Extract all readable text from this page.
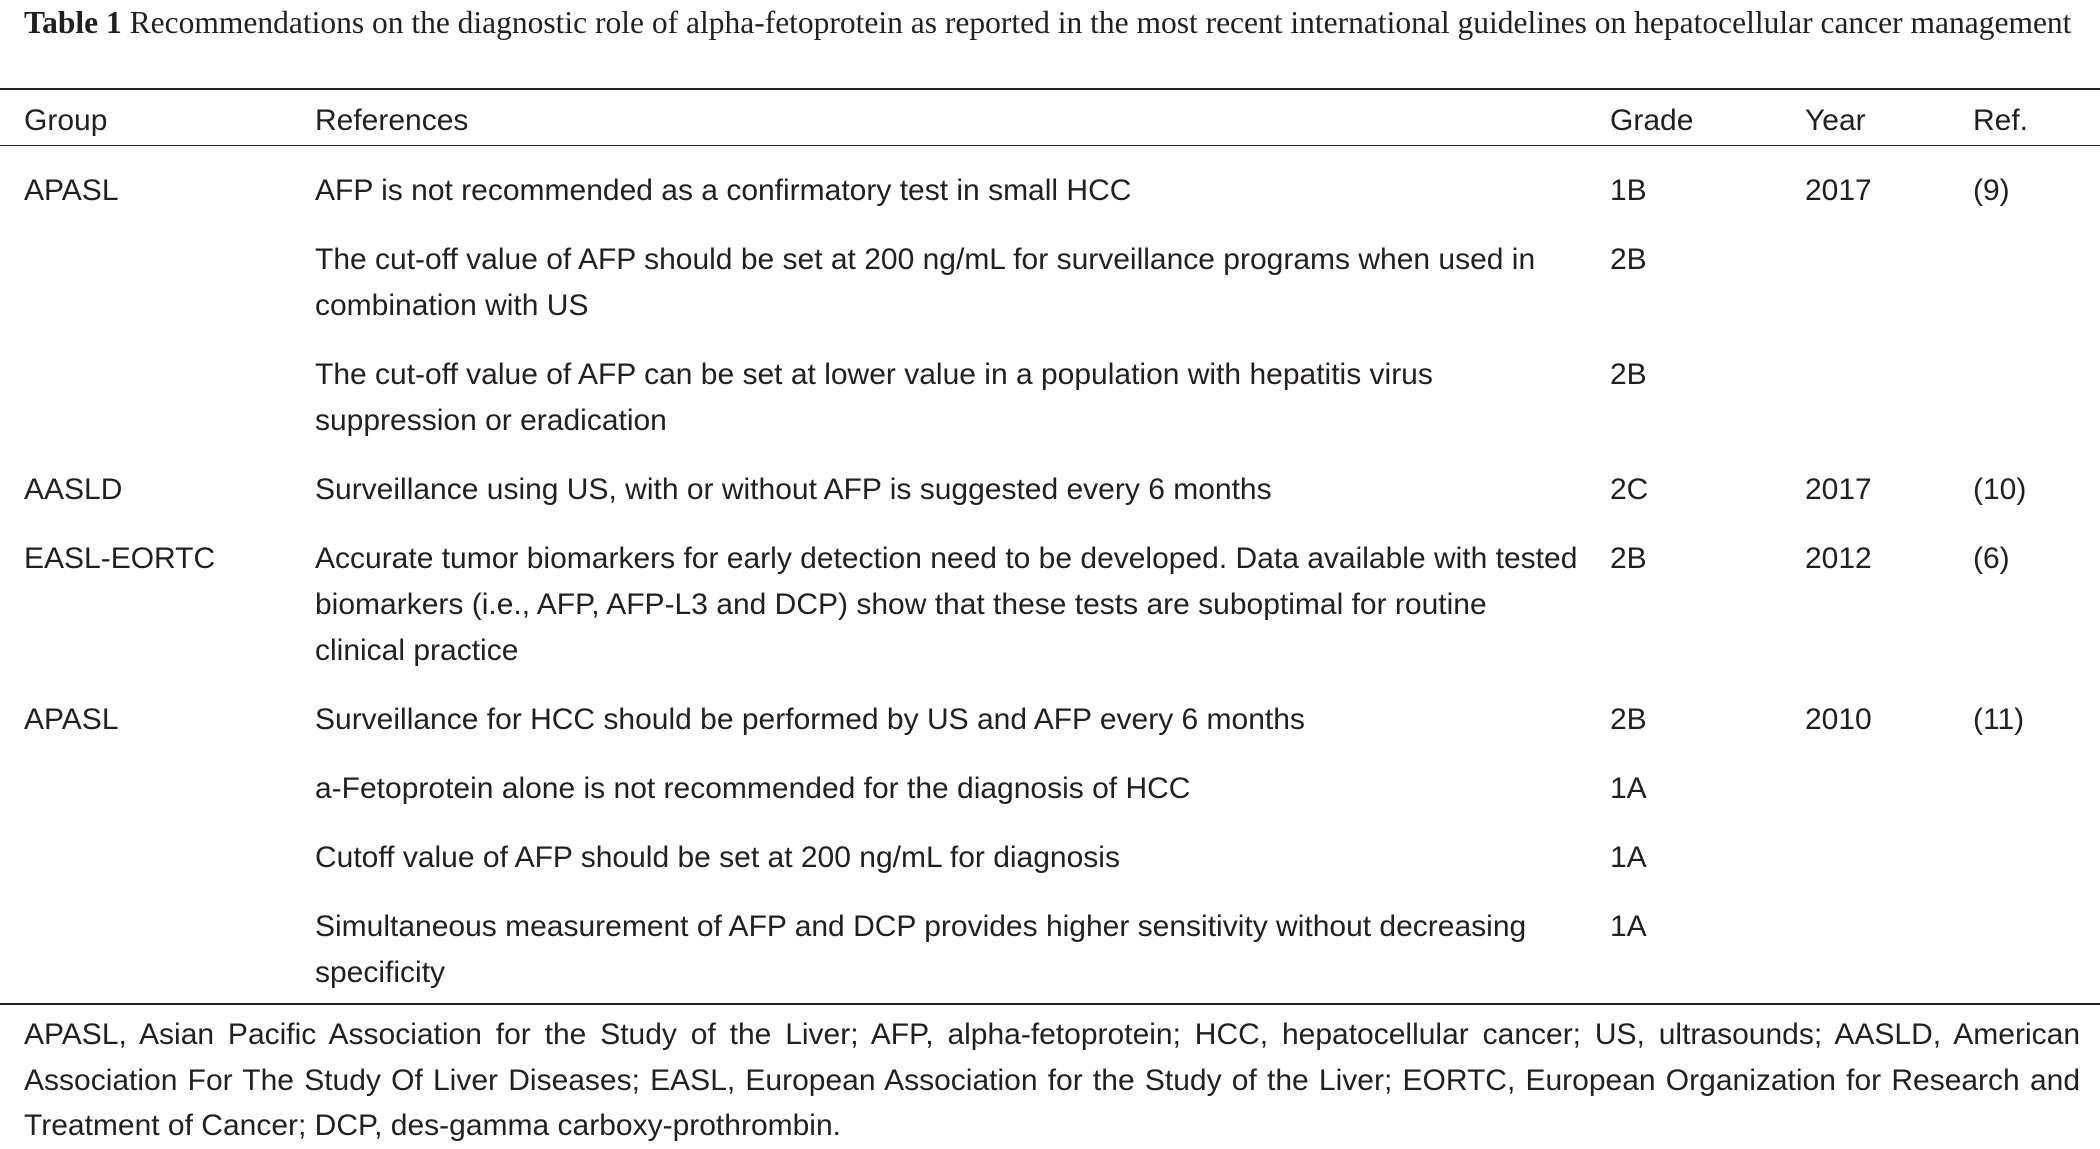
Table 1 Recommendations on the diagnostic role of alpha-fetoprotein as reported in the most recent international guidelines on hepatocellular cancer management
Group	References	Grade	Year	Ref.
APASL	AFP is not recommended as a confirmatory test in small HCC	1B	2017	(9)

	The cut-off value of AFP should be set at 200 ng/mL for surveillance programs when used in combination with US	2B		

	The cut-off value of AFP can be set at lower value in a population with hepatitis virus suppression or eradication	2B		
AASLD	Surveillance using US, with or without AFP is suggested every 6 months	2C	2017	(10)
EASL-EORTC	Accurate tumor biomarkers for early detection need to be developed. Data available with tested biomarkers (i.e., AFP, AFP-L3 and DCP) show that these tests are suboptimal for routine clinical practice	2B	2012	(6)
APASL	Surveillance for HCC should be performed by US and AFP every 6 months	2B	2010	(11)

	a-Fetoprotein alone is not recommended for the diagnosis of HCC	1A		

	Cutoff value of AFP should be set at 200 ng/mL for diagnosis	1A		

	Simultaneous measurement of AFP and DCP provides higher sensitivity without decreasing specificity	1A		
APASL, Asian Pacific Association for the Study of the Liver; AFP, alpha-fetoprotein; HCC, hepatocellular cancer; US, ultrasounds; AASLD, American Association For The Study Of Liver Diseases; EASL, European Association for the Study of the Liver; EORTC, European Organization for Research and Treatment of Cancer; DCP, des-gamma carboxy-prothrombin.
